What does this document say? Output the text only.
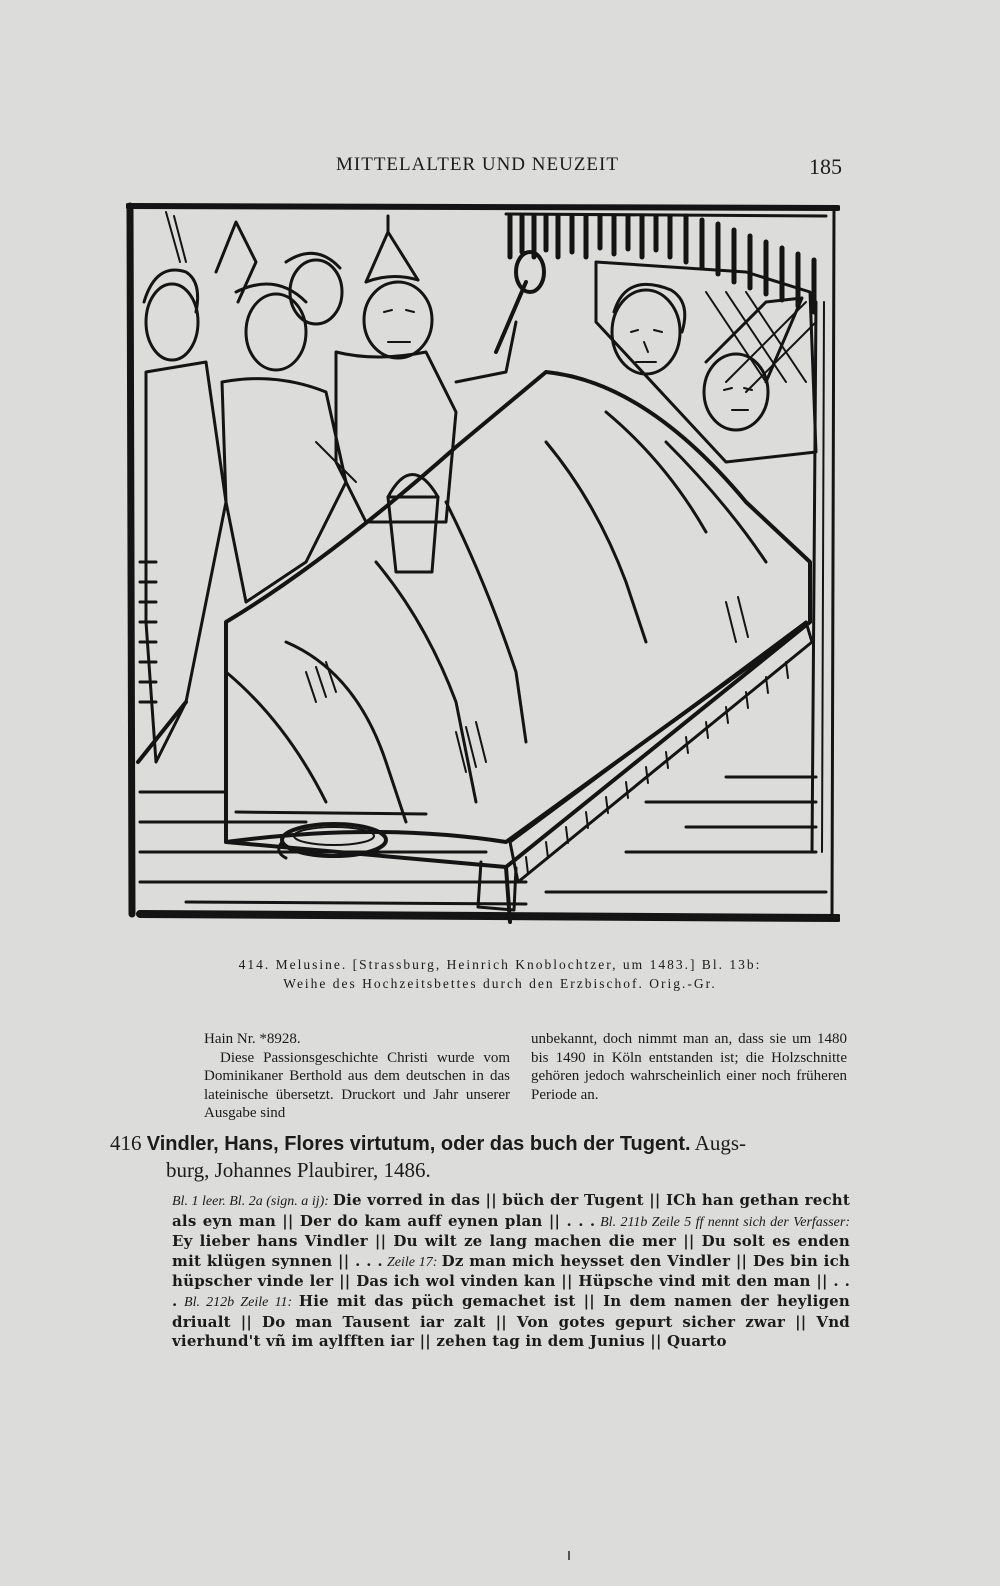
MITTELALTER UND NEUZEIT	185
414. Melusine. [Strassburg, Heinrich Knoblochtzer, um 1483.] Bl. 13b:
Weihe des Hochzeitsbettes durch den Erzbischof. Orig.-Gr.

Hain Nr. *8928.

Diese Passionsgeschichte Christi wurde vom Dominikaner Berthold aus dem deutschen in das lateinische übersetzt. Druckort und Jahr unserer Ausgabe sind

unbekannt, doch nimmt man an, dass sie um 1480 bis 1490 in Köln entstanden ist; die Holzschnitte gehören jedoch wahrscheinlich einer noch früheren Periode an.

416 Vindler, Hans, Flores virtutum, oder das buch der Tugent. Augs-
burg, Johannes Plaubirer, 1486.
Bl. 1 leer. Bl. 2a (sign. a ij): Die vorred in das || büch der Tugent || ICh han gethan recht als eyn man || Der do kam auff eynen plan || . . . Bl. 211b Zeile 5 ff nennt sich der Verfasser: Ey lieber hans Vindler || Du wilt ze lang machen die mer || Du solt es enden mit klügen synnen || . . . Zeile 17: Dz man mich heysset den Vindler || Des bin ich hüpscher vinde ler || Das ich wol vinden kan || Hüpsche vind mit den man || . . . Bl. 212b Zeile 11: Hie mit das püch gemachet ist || In dem namen der heyligen driualt || Do man Tausent iar zalt || Von gotes gepurt sicher zwar || Vnd vierhund't vñ im aylfften iar || zehen tag in dem Junius || Quarto
